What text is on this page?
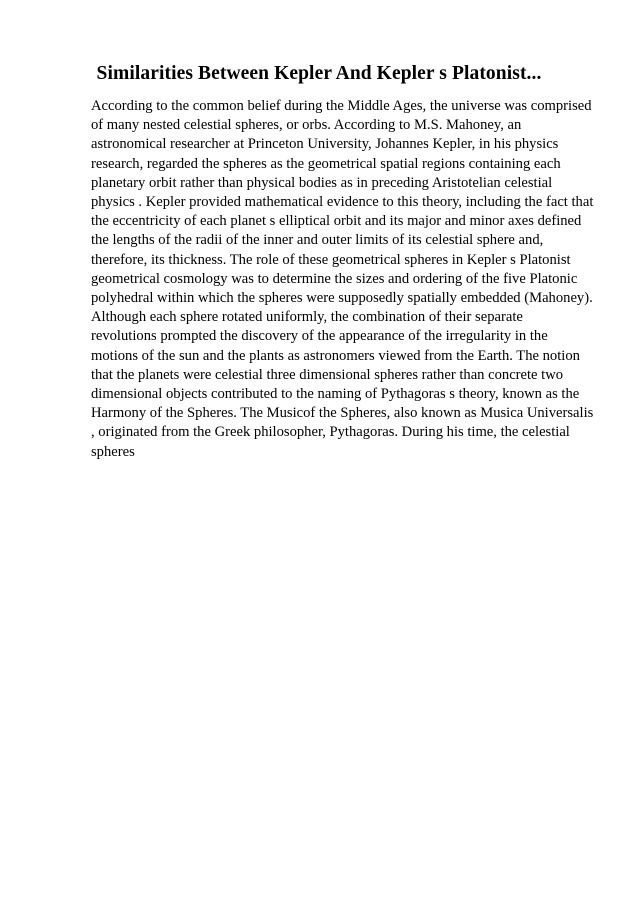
Similarities Between Kepler And Kepler s Platonist...
According to the common belief during the Middle Ages, the universe was comprised
of many nested celestial spheres, or orbs. According to M.S. Mahoney, an
astronomical researcher at Princeton University, Johannes Kepler, in his physics
research, regarded the spheres as the geometrical spatial regions containing each
planetary orbit rather than physical bodies as in preceding Aristotelian celestial
physics . Kepler provided mathematical evidence to this theory, including the fact that
the eccentricity of each planet s elliptical orbit and its major and minor axes defined
the lengths of the radii of the inner and outer limits of its celestial sphere and,
therefore, its thickness. The role of these geometrical spheres in Kepler s Platonist
geometrical cosmology was to determine the sizes and ordering of the five Platonic
polyhedral within which the spheres were supposedly spatially embedded (Mahoney).
Although each sphere rotated uniformly, the combination of their separate
revolutions prompted the discovery of the appearance of the irregularity in the
motions of the sun and the plants as astronomers viewed from the Earth. The notion
that the planets were celestial three dimensional spheres rather than concrete two
dimensional objects contributed to the naming of Pythagoras s theory, known as the
Harmony of the Spheres. The Musicof the Spheres, also known as Musica Universalis
, originated from the Greek philosopher, Pythagoras. During his time, the celestial
spheres
